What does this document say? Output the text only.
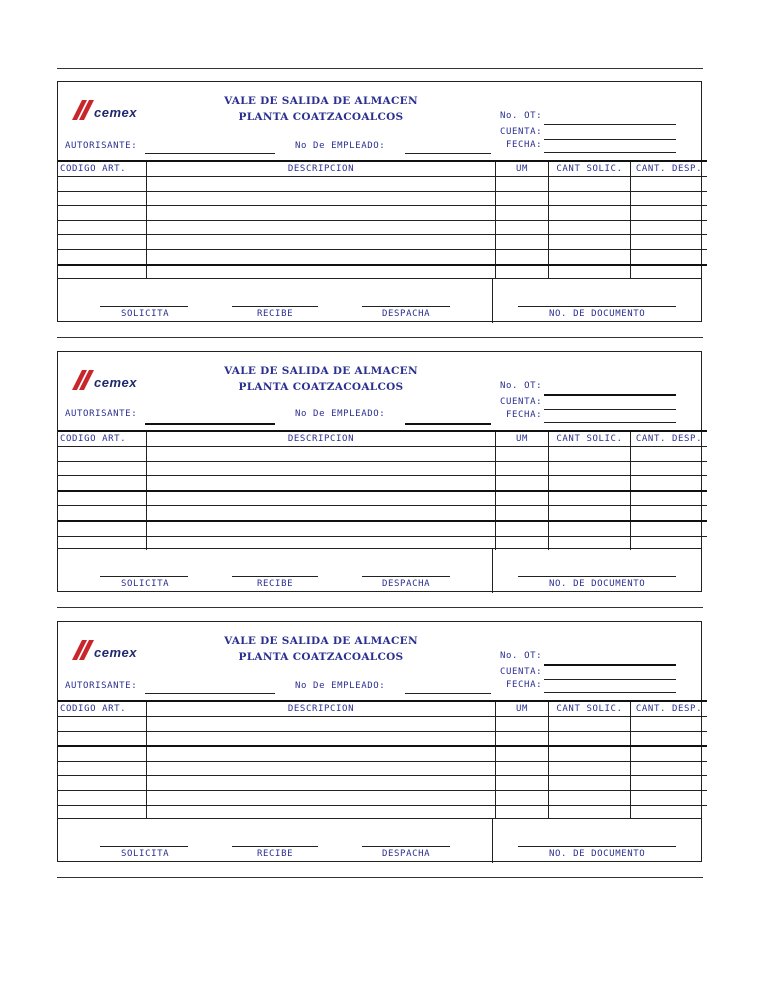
cemex
VALE DE SALIDA DE ALMACEN
PLANTA COATZACOALCOS	No. OT:
CUENTA:
FECHA:
AUTORISANTE:	No De EMPLEADO:
CODIGO ART.	DESCRIPCION	UM	CANT SOLIC.	CANT. DESP.

SOLICITA	RECIBE	DESPACHA	NO. DE DOCUMENTO
cemex
VALE DE SALIDA DE ALMACEN
PLANTA COATZACOALCOS	No. OT:
CUENTA:
FECHA:
AUTORISANTE:	No De EMPLEADO:
CODIGO ART.	DESCRIPCION	UM	CANT SOLIC.	CANT. DESP.

SOLICITA	RECIBE	DESPACHA	NO. DE DOCUMENTO
cemex
VALE DE SALIDA DE ALMACEN
PLANTA COATZACOALCOS	No. OT:
CUENTA:
FECHA:
AUTORISANTE:	No De EMPLEADO:
CODIGO ART.	DESCRIPCION	UM	CANT SOLIC.	CANT. DESP.

SOLICITA	RECIBE	DESPACHA	NO. DE DOCUMENTO
